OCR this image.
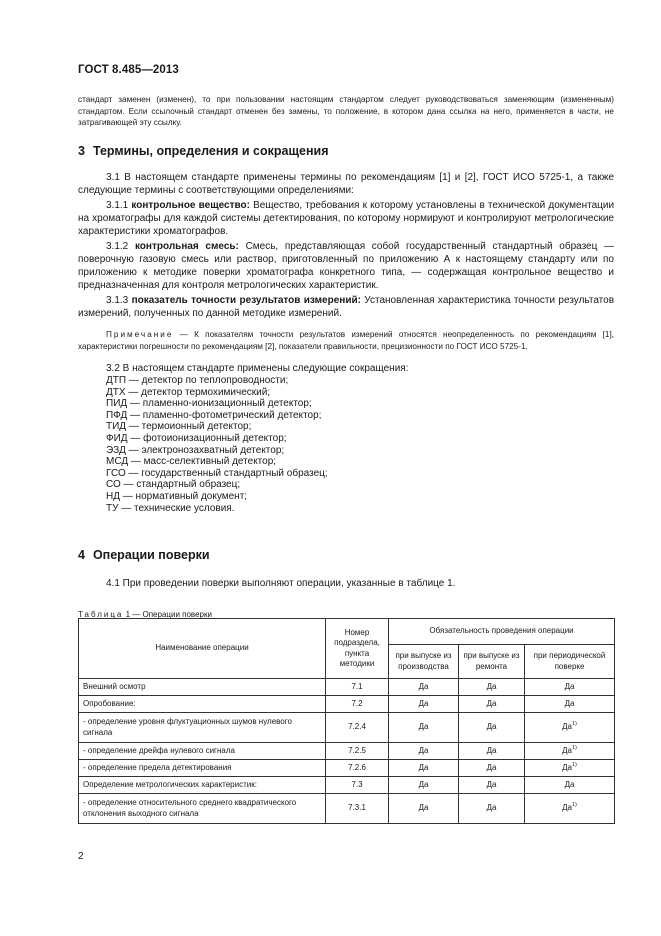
ГОСТ 8.485—2013

стандарт заменен (изменен), то при пользовании настоящим стандартом следует руководствоваться заменяющим (измененным) стандартом. Если ссылочный стандарт отменен без замены, то положение, в котором дана ссылка на него, применяется в части, не затрагивающей эту ссылку.

3 Термины, определения и сокращения

3.1 В настоящем стандарте применены термины по рекомендациям [1] и [2], ГОСТ ИСО 5725-1, а также следующие термины с соответствующими определениями:

3.1.1 контрольное вещество: Вещество, требования к которому установлены в технической документации на хроматографы для каждой системы детектирования, по которому нормируют и контролируют метрологические характеристики хроматографов.

3.1.2 контрольная смесь: Смесь, представляющая собой государственный стандартный образец — поверочную газовую смесь или раствор, приготовленный по приложению А к настоящему стандарту или по приложению к методике поверки хроматографа конкретного типа, — содержащая контрольное вещество и предназначенная для контроля метрологических характеристик.

3.1.3 показатель точности результатов измерений: Установленная характеристика точности результатов измерений, полученных по данной методике измерений.

Примечание — К показателям точности результатов измерений относятся неопределенность по рекомендациям [1], характеристики погрешности по рекомендациям [2], показатели правильности, прецизионности по ГОСТ ИСО 5725-1.

3.2 В настоящем стандарте применены следующие сокращения:

ДТП — детектор по теплопроводности;

ДТХ — детектор термохимический;

ПИД — пламенно-ионизационный детектор;

ПФД — пламенно-фотометрический детектор;

ТИД — термоионный детектор;

ФИД — фотоионизационный детектор;

ЭЗД — электронозахватный детектор;

МСД — масс-селективный детектор;

ГСО — государственный стандартный образец;

СО — стандартный образец;

НД — нормативный документ;

ТУ — технические условия.

4 Операции поверки

4.1 При проведении поверки выполняют операции, указанные в таблице 1.

Таблица 1 — Операции поверки

Наименование операции	Номер подраздела, пункта методики	Обязательность проведения операции		
		при выпуске из производства	при выпуске из ремонта	при периодической поверке
Внешний осмотр	7.1	Да	Да	Да
Опробование:	7.2	Да	Да	Да
- определение уровня флуктуационных шумов нулевого сигнала	7.2.4	Да	Да	$Да^{1)}$
- определение дрейфа нулевого сигнала	7.2.5	Да	Да	$Да^{1)}$
- определение предела детектирования	7.2.6	Да	Да	$Да^{1)}$
Определение метрологических характеристик:	7.3	Да	Да	Да
- определение относительного среднего квадратического отклонения выходного сигнала	7.3.1	Да	Да	$Да^{1)}$
2
